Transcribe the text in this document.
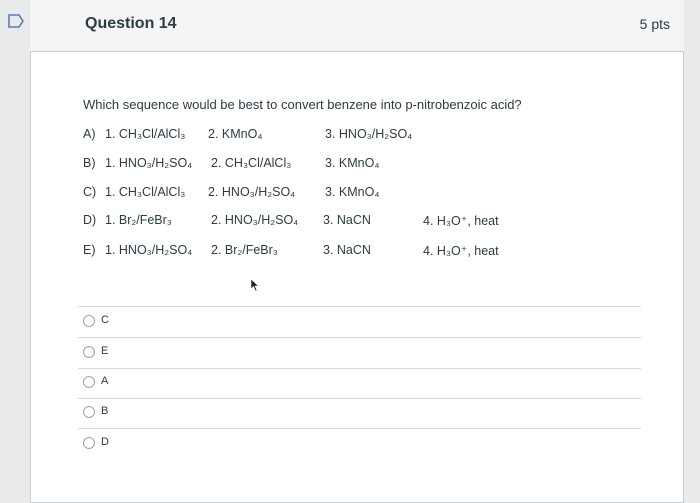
Question 14	5 pts
Which sequence would be best to convert benzene into p-nitrobenzoic acid?
A) 1. CH₃Cl/AlCl₃ 2. KMnO₄	3. HNO₃/H₂SO₄
B) 1. HNO₃/H₂SO₄ 2. CH₃Cl/AlCl₃	3. KMnO₄
C) 1. CH₃Cl/AlCl₃ 2. HNO₃/H₂SO₄ 3. KMnO₄
D) 1. Br₂/FeBr₃	2. HNO₃/H₂SO₄ 3. NaCN	4. H₃O⁺, heat
E) 1. HNO₃/H₂SO₄ 2. Br₂/FeBr₃	3. NaCN	4. H₃O⁺, heat
C
E
A
B
D
